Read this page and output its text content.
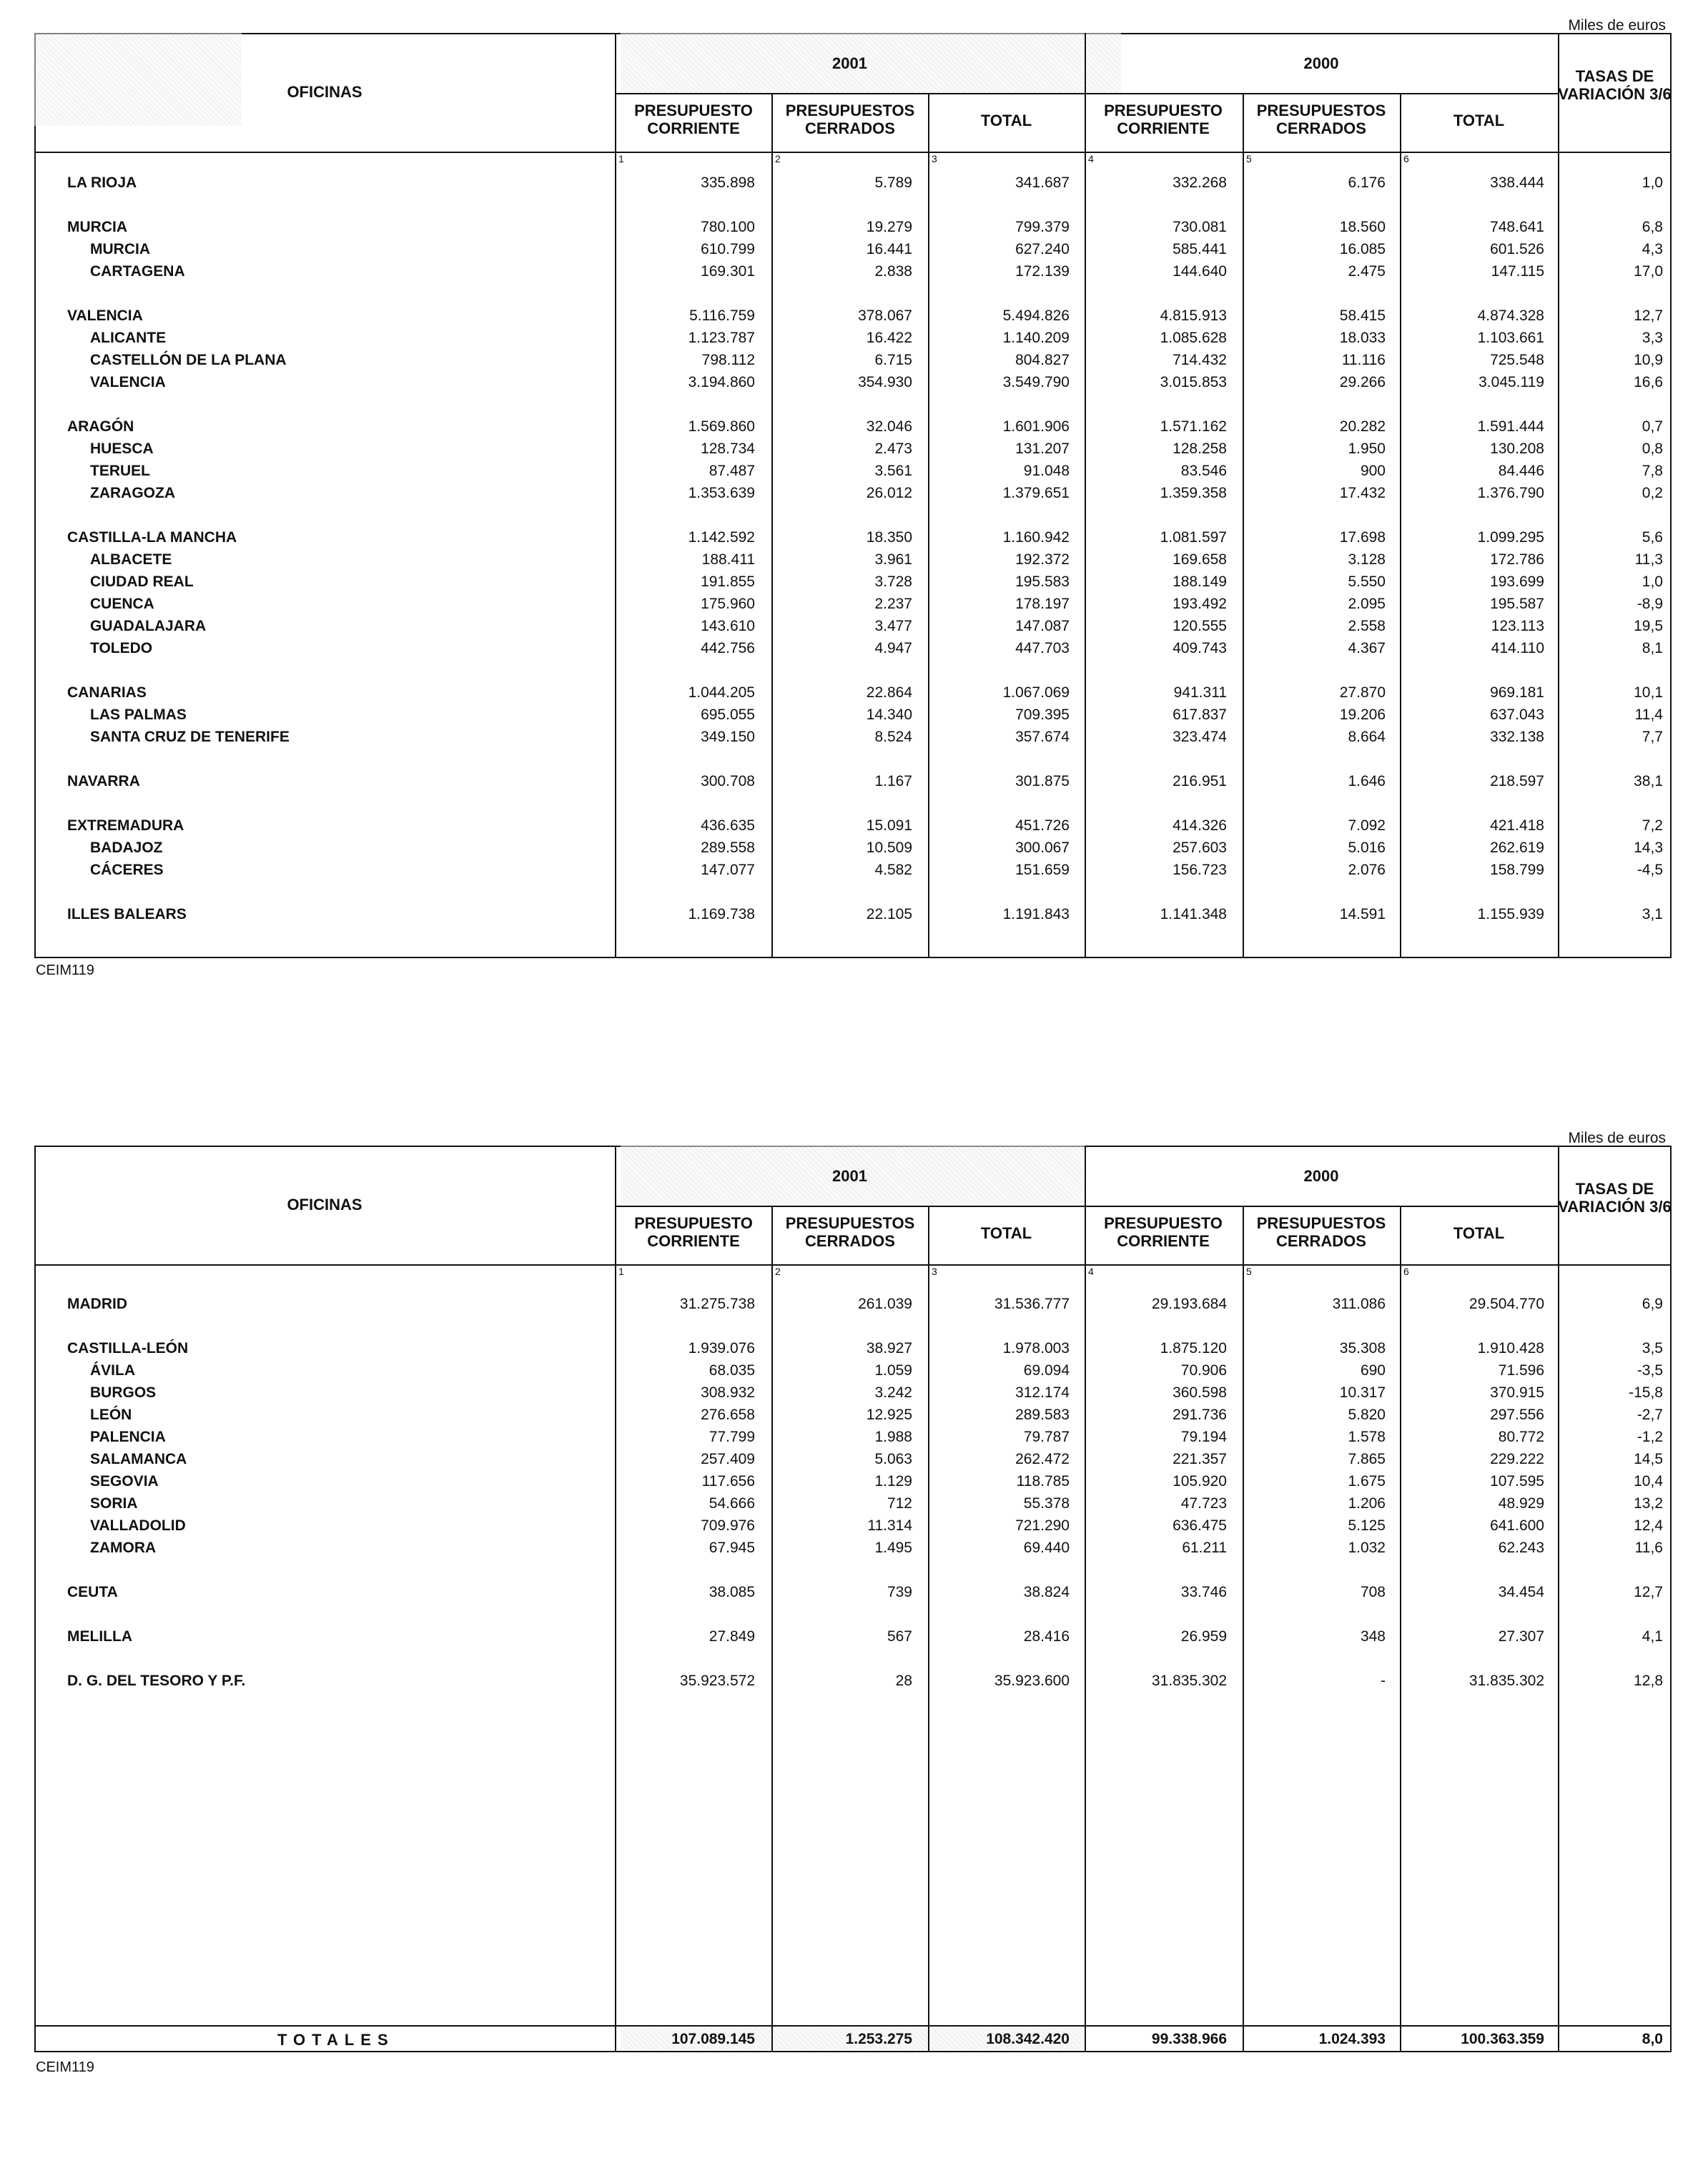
Miles de euros
OFICINAS
2001	2000
TASAS DE VARIACIÓN 3/6
PRESUPUESTO CORRIENTE
PRESUPUESTOS CERRADOS	TOTAL
PRESUPUESTO CORRIENTE
PRESUPUESTOS CERRADOS	TOTAL
1	2	3	4	5	6
LA RIOJA	335.898	5.789	341.687	332.268	6.176	338.444	1,0
MURCIA	780.100	19.279	799.379	730.081	18.560	748.641	6,8
MURCIA	610.799	16.441	627.240	585.441	16.085	601.526	4,3
CARTAGENA	169.301	2.838	172.139	144.640	2.475	147.115	17,0
VALENCIA	5.116.759	378.067	5.494.826	4.815.913	58.415	4.874.328	12,7
ALICANTE	1.123.787	16.422	1.140.209	1.085.628	18.033	1.103.661	3,3
CASTELLÓN DE LA PLANA	798.112	6.715	804.827	714.432	11.116	725.548	10,9
VALENCIA	3.194.860	354.930	3.549.790	3.015.853	29.266	3.045.119	16,6
ARAGÓN	1.569.860	32.046	1.601.906	1.571.162	20.282	1.591.444	0,7
HUESCA	128.734	2.473	131.207	128.258	1.950	130.208	0,8
TERUEL	87.487	3.561	91.048	83.546	900	84.446	7,8
ZARAGOZA	1.353.639	26.012	1.379.651	1.359.358	17.432	1.376.790	0,2
CASTILLA-LA MANCHA	1.142.592	18.350	1.160.942	1.081.597	17.698	1.099.295	5,6
ALBACETE	188.411	3.961	192.372	169.658	3.128	172.786	11,3
CIUDAD REAL	191.855	3.728	195.583	188.149	5.550	193.699	1,0
CUENCA	175.960	2.237	178.197	193.492	2.095	195.587	-8,9
GUADALAJARA	143.610	3.477	147.087	120.555	2.558	123.113	19,5
TOLEDO	442.756	4.947	447.703	409.743	4.367	414.110	8,1
CANARIAS	1.044.205	22.864	1.067.069	941.311	27.870	969.181	10,1
LAS PALMAS	695.055	14.340	709.395	617.837	19.206	637.043	11,4
SANTA CRUZ DE TENERIFE	349.150	8.524	357.674	323.474	8.664	332.138	7,7
NAVARRA	300.708	1.167	301.875	216.951	1.646	218.597	38,1
EXTREMADURA	436.635	15.091	451.726	414.326	7.092	421.418	7,2
BADAJOZ	289.558	10.509	300.067	257.603	5.016	262.619	14,3
CÁCERES	147.077	4.582	151.659	156.723	2.076	158.799	-4,5
ILLES BALEARS	1.169.738	22.105	1.191.843	1.141.348	14.591	1.155.939	3,1
CEIM119
Miles de euros
OFICINAS
2001	2000
TASAS DE VARIACIÓN 3/6
PRESUPUESTO CORRIENTE
PRESUPUESTOS CERRADOS	TOTAL
PRESUPUESTO CORRIENTE
PRESUPUESTOS CERRADOS	TOTAL
1	2	3	4	5	6
MADRID	31.275.738	261.039	31.536.777	29.193.684	311.086	29.504.770	6,9
CASTILLA-LEÓN	1.939.076	38.927	1.978.003	1.875.120	35.308	1.910.428	3,5
ÁVILA	68.035	1.059	69.094	70.906	690	71.596	-3,5
BURGOS	308.932	3.242	312.174	360.598	10.317	370.915	-15,8
LEÓN	276.658	12.925	289.583	291.736	5.820	297.556	-2,7
PALENCIA	77.799	1.988	79.787	79.194	1.578	80.772	-1,2
SALAMANCA	257.409	5.063	262.472	221.357	7.865	229.222	14,5
SEGOVIA	117.656	1.129	118.785	105.920	1.675	107.595	10,4
SORIA	54.666	712	55.378	47.723	1.206	48.929	13,2
VALLADOLID	709.976	11.314	721.290	636.475	5.125	641.600	12,4
ZAMORA	67.945	1.495	69.440	61.211	1.032	62.243	11,6
CEUTA	38.085	739	38.824	33.746	708	34.454	12,7
MELILLA	27.849	567	28.416	26.959	348	27.307	4,1
D. G. DEL TESORO Y P.F.	35.923.572	28	35.923.600	31.835.302	-	31.835.302	12,8
TOTALES	107.089.145	1.253.275	108.342.420	99.338.966	1.024.393	100.363.359	8,0
CEIM119
